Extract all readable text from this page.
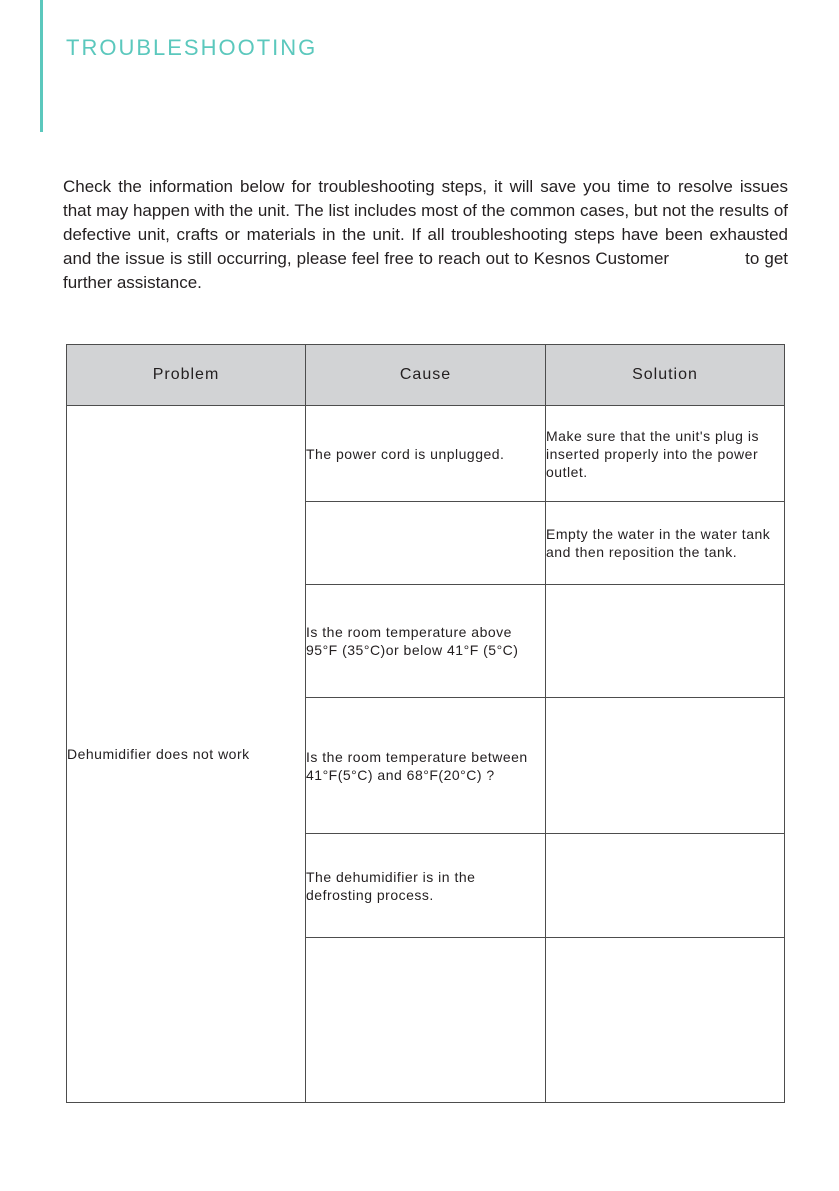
TROUBLESHOOTING

Check the information below for troubleshooting steps, it will save you time to resolve issues that may happen with the unit. The list includes most of the common cases, but not the results of defective unit, crafts or materials in the unit. If all troubleshooting steps have been exhausted and the issue is still occurring, please feel free to reach out to Kesnos Customer	to get further assistance.

Problem	Cause	Solution
Dehumidifier does not work	The power cord is unplugged.	Make sure that the unit's plug is inserted properly into the power outlet.
		Empty the water in the water tank and then reposition the tank.
	Is the room temperature above 95°F (35°C)or below 41°F (5°C)	
	Is the room temperature between 41°F(5°C) and 68°F(20°C) ?	
	The dehumidifier is in the defrosting process.	
